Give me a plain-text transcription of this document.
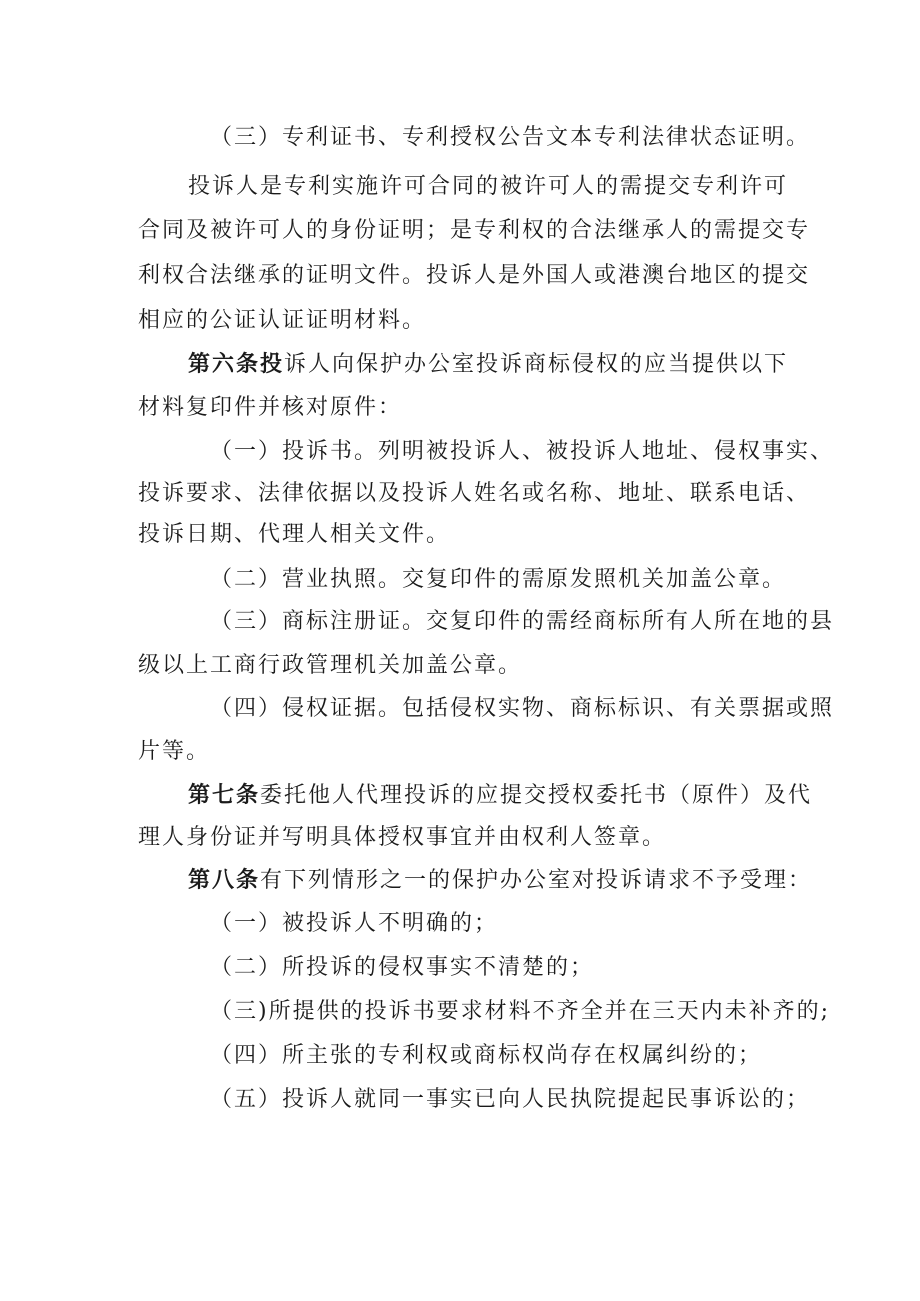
（三）专利证书、专利授权公告文本专利法律状态证明。

投诉人是专利实施许可合同的被许可人的需提交专利许可

合同及被许可人的身份证明；是专利权的合法继承人的需提交专

利权合法继承的证明文件。投诉人是外国人或港澳台地区的提交

相应的公证认证证明材料。

第六条投诉人向保护办公室投诉商标侵权的应当提供以下

材料复印件并核对原件：

（一）投诉书。列明被投诉人、被投诉人地址、侵权事实、

投诉要求、法律依据以及投诉人姓名或名称、地址、联系电话、

投诉日期、代理人相关文件。

（二）营业执照。交复印件的需原发照机关加盖公章。

（三）商标注册证。交复印件的需经商标所有人所在地的县

级以上工商行政管理机关加盖公章。

（四）侵权证据。包括侵权实物、商标标识、有关票据或照

片等。

第七条委托他人代理投诉的应提交授权委托书（原件）及代

理人身份证并写明具体授权事宜并由权利人签章。

第八条有下列情形之一的保护办公室对投诉请求不予受理：

（一）被投诉人不明确的；

（二）所投诉的侵权事实不清楚的；

（三)所提供的投诉书要求材料不齐全并在三天内未补齐的;

（四）所主张的专利权或商标权尚存在权属纠纷的；

（五）投诉人就同一事实已向人民执院提起民事诉讼的；
